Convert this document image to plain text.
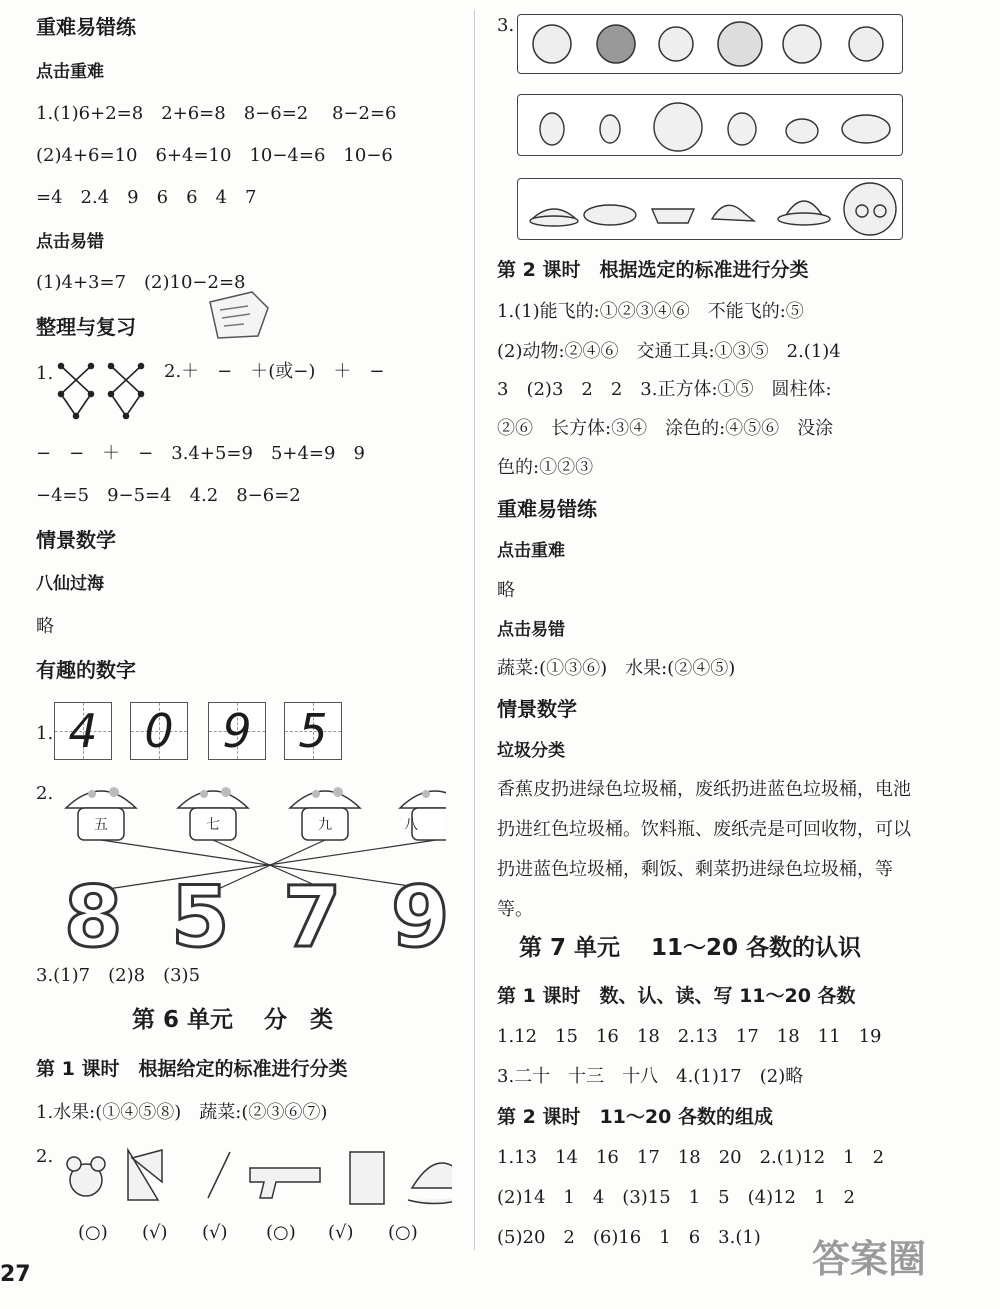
重难易错练
点击重难
1.(1)6+2=8　2+6=8　8−6=2　 8−2=6
(2)4+6=10　6+4=10　10−4=6　10−6
=4　2.4　9　6　6　4　7
点击易错
(1)4+3=7　(2)10−2=8
整理与复习
1.	2.＋　−　＋(或−)　＋　−
−　−　＋　−　3.4+5=9　5+4=9　9
−4=5　9−5=4　4.2　8−6=2
情景数学
八仙过海
略
有趣的数字
1. 4 0 9 5
2.
五	七	九	八
8 5 7 9
3.(1)7　(2)8　(3)5
第 6 单元　 分　类
第 1 课时　根据给定的标准进行分类
1.水果:(①④⑤⑧)　蔬菜:(②③⑥⑦)
2.
(○) (√) (√) (○) (√) (○)
27
3.
第 2 课时　根据选定的标准进行分类
1.(1)能飞的:①②③④⑥　不能飞的:⑤
(2)动物:②④⑥　交通工具:①③⑤　2.(1)4
3　(2)3　2　2　3.正方体:①⑤　圆柱体:
②⑥　长方体:③④　涂色的:④⑤⑥　没涂
色的:①②③
重难易错练
点击重难
略
点击易错
蔬菜:(①③⑥)　水果:(②④⑤)
情景数学
垃圾分类
香蕉皮扔进绿色垃圾桶，废纸扔进蓝色垃圾桶，电池扔进红色垃圾桶。饮料瓶、废纸壳是可回收物，可以扔进蓝色垃圾桶，剩饭、剩菜扔进绿色垃圾桶，等等。
第 7 单元　 11～20 各数的认识
第 1 课时　数、认、读、写 11～20 各数
1.12　15　16　18　2.13　17　18　11　19
3.二十　十三　十八　4.(1)17　(2)略
第 2 课时　11～20 各数的组成
1.13　14　16　17　18　20　2.(1)12　1　2
(2)14　1　4　(3)15　1　5　(4)12　1　2
(5)20　2　(6)16　1　6　3.(1) 答案圈
